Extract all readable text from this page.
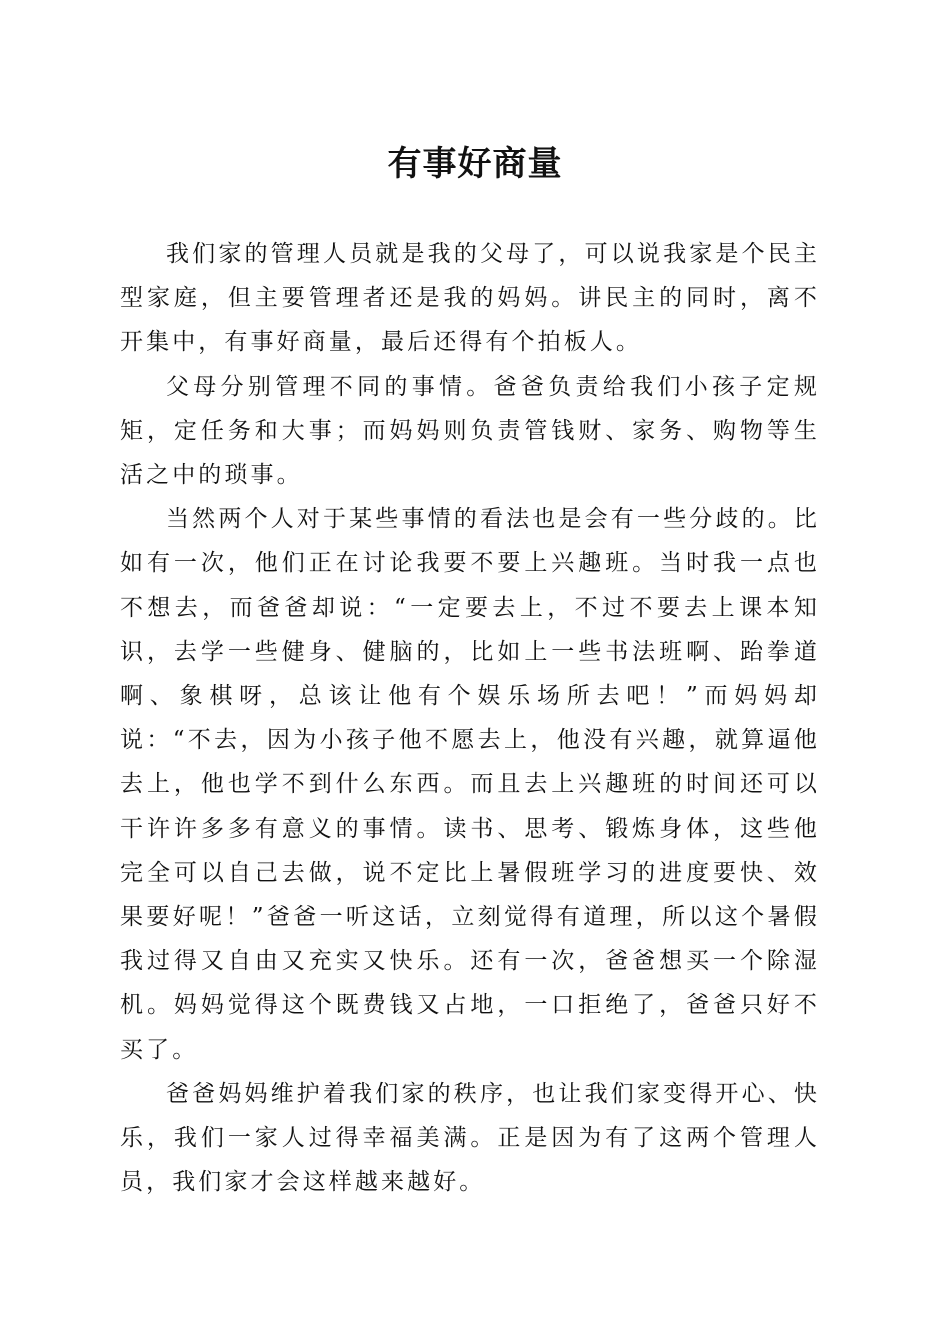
有事好商量

我们家的管理人员就是我的父母了，可以说我家是个民主型家庭，但主要管理者还是我的妈妈。讲民主的同时，离不开集中，有事好商量，最后还得有个拍板人。

父母分别管理不同的事情。爸爸负责给我们小孩子定规矩，定任务和大事；而妈妈则负责管钱财、家务、购物等生活之中的琐事。

当然两个人对于某些事情的看法也是会有一些分歧的。比如有一次，他们正在讨论我要不要上兴趣班。当时我一点也不想去，而爸爸却说：“一定要去上，不过不要去上课本知识，去学一些健身、健脑的，比如上一些书法班啊、跆拳道啊、象棋呀，总该让他有个娱乐场所去吧！”而妈妈却说：“不去，因为小孩子他不愿去上，他没有兴趣，就算逼他去上，他也学不到什么东西。而且去上兴趣班的时间还可以干许许多多有意义的事情。读书、思考、锻炼身体，这些他完全可以自己去做，说不定比上暑假班学习的进度要快、效果要好呢！”爸爸一听这话，立刻觉得有道理，所以这个暑假我过得又自由又充实又快乐。还有一次，爸爸想买一个除湿机。妈妈觉得这个既费钱又占地，一口拒绝了，爸爸只好不买了。

爸爸妈妈维护着我们家的秩序，也让我们家变得开心、快乐，我们一家人过得幸福美满。正是因为有了这两个管理人员，我们家才会这样越来越好。
